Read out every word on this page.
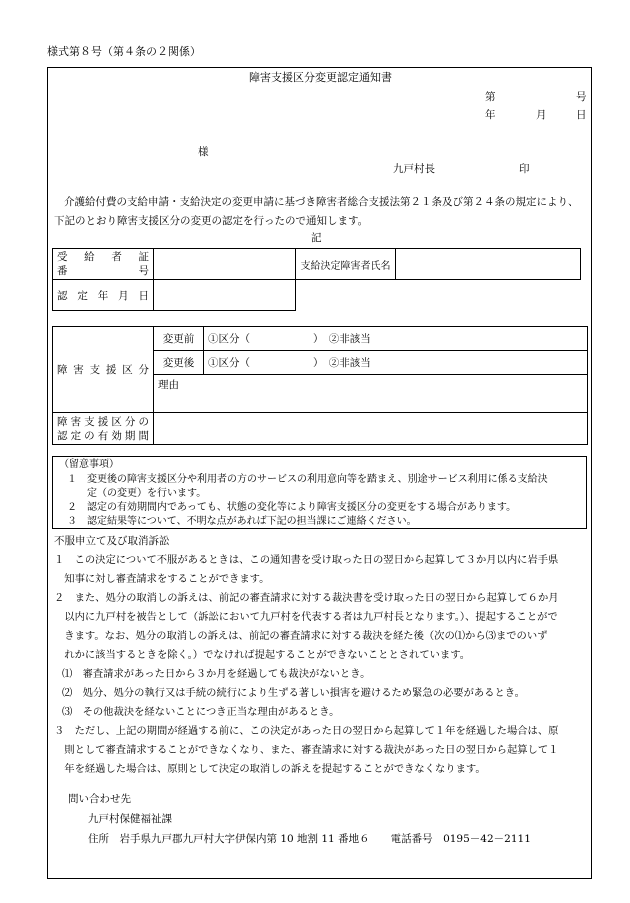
様式第８号（第４条の２関係）
障害支援区分変更認定通知書
第	号
年	月	日
様
九戸村長	印
介護給付費の支給申請・支給決定の変更申請に基づき障害者総合支援法第２１条及び第２４条の規定により、下記のとおり障害支援区分の変更の認定を行ったので通知します。
記
受　給　者　証
番　　　　　号		支給決定障害者氏名	
認 定 年 月 日			
障害支援区分	変更前	①区分（　　　　　　）　②非該当
	変更後	①区分（　　　　　　）　②非該当
	理由	

障害支援区分の
認定の有効期間		

（留意事項）
１　変更後の障害支援区分や利用者の方のサービスの利用意向等を踏まえ、別途サービス利用に係る支給決
　　定（の変更）を行います。
２　認定の有効期間内であっても、状態の変化等により障害支援区分の変更をする場合があります。
３　認定結果等について、不明な点があれば下記の担当課にご連絡ください。
不服申立て及び取消訴訟
１　この決定について不服があるときは、この通知書を受け取った日の翌日から起算して３か月以内に岩手県
　知事に対し審査請求をすることができます。
２　また、処分の取消しの訴えは、前記の審査請求に対する裁決書を受け取った日の翌日から起算して６か月
　以内に九戸村を被告として（訴訟において九戸村を代表する者は九戸村長となります。）、提起することがで
　きます。なお、処分の取消しの訴えは、前記の審査請求に対する裁決を経た後（次の⑴から⑶までのいず
　れかに該当するときを除く。）でなければ提起することができないこととされています。
⑴　審査請求があった日から３か月を経過しても裁決がないとき。
⑵　処分、処分の執行又は手続の続行により生ずる著しい損害を避けるため緊急の必要があるとき。
⑶　その他裁決を経ないことにつき正当な理由があるとき。
３　ただし、上記の期間が経過する前に、この決定があった日の翌日から起算して１年を経過した場合は、原
　則として審査請求することができなくなり、また、審査請求に対する裁決があった日の翌日から起算して１
　年を経過した場合は、原則として決定の取消しの訴えを提起することができなくなります。
問い合わせ先
九戸村保健福祉課
住所　岩手県九戸郡九戸村大字伊保内第 10 地割 11 番地６　　電話番号　0195－42－2111
